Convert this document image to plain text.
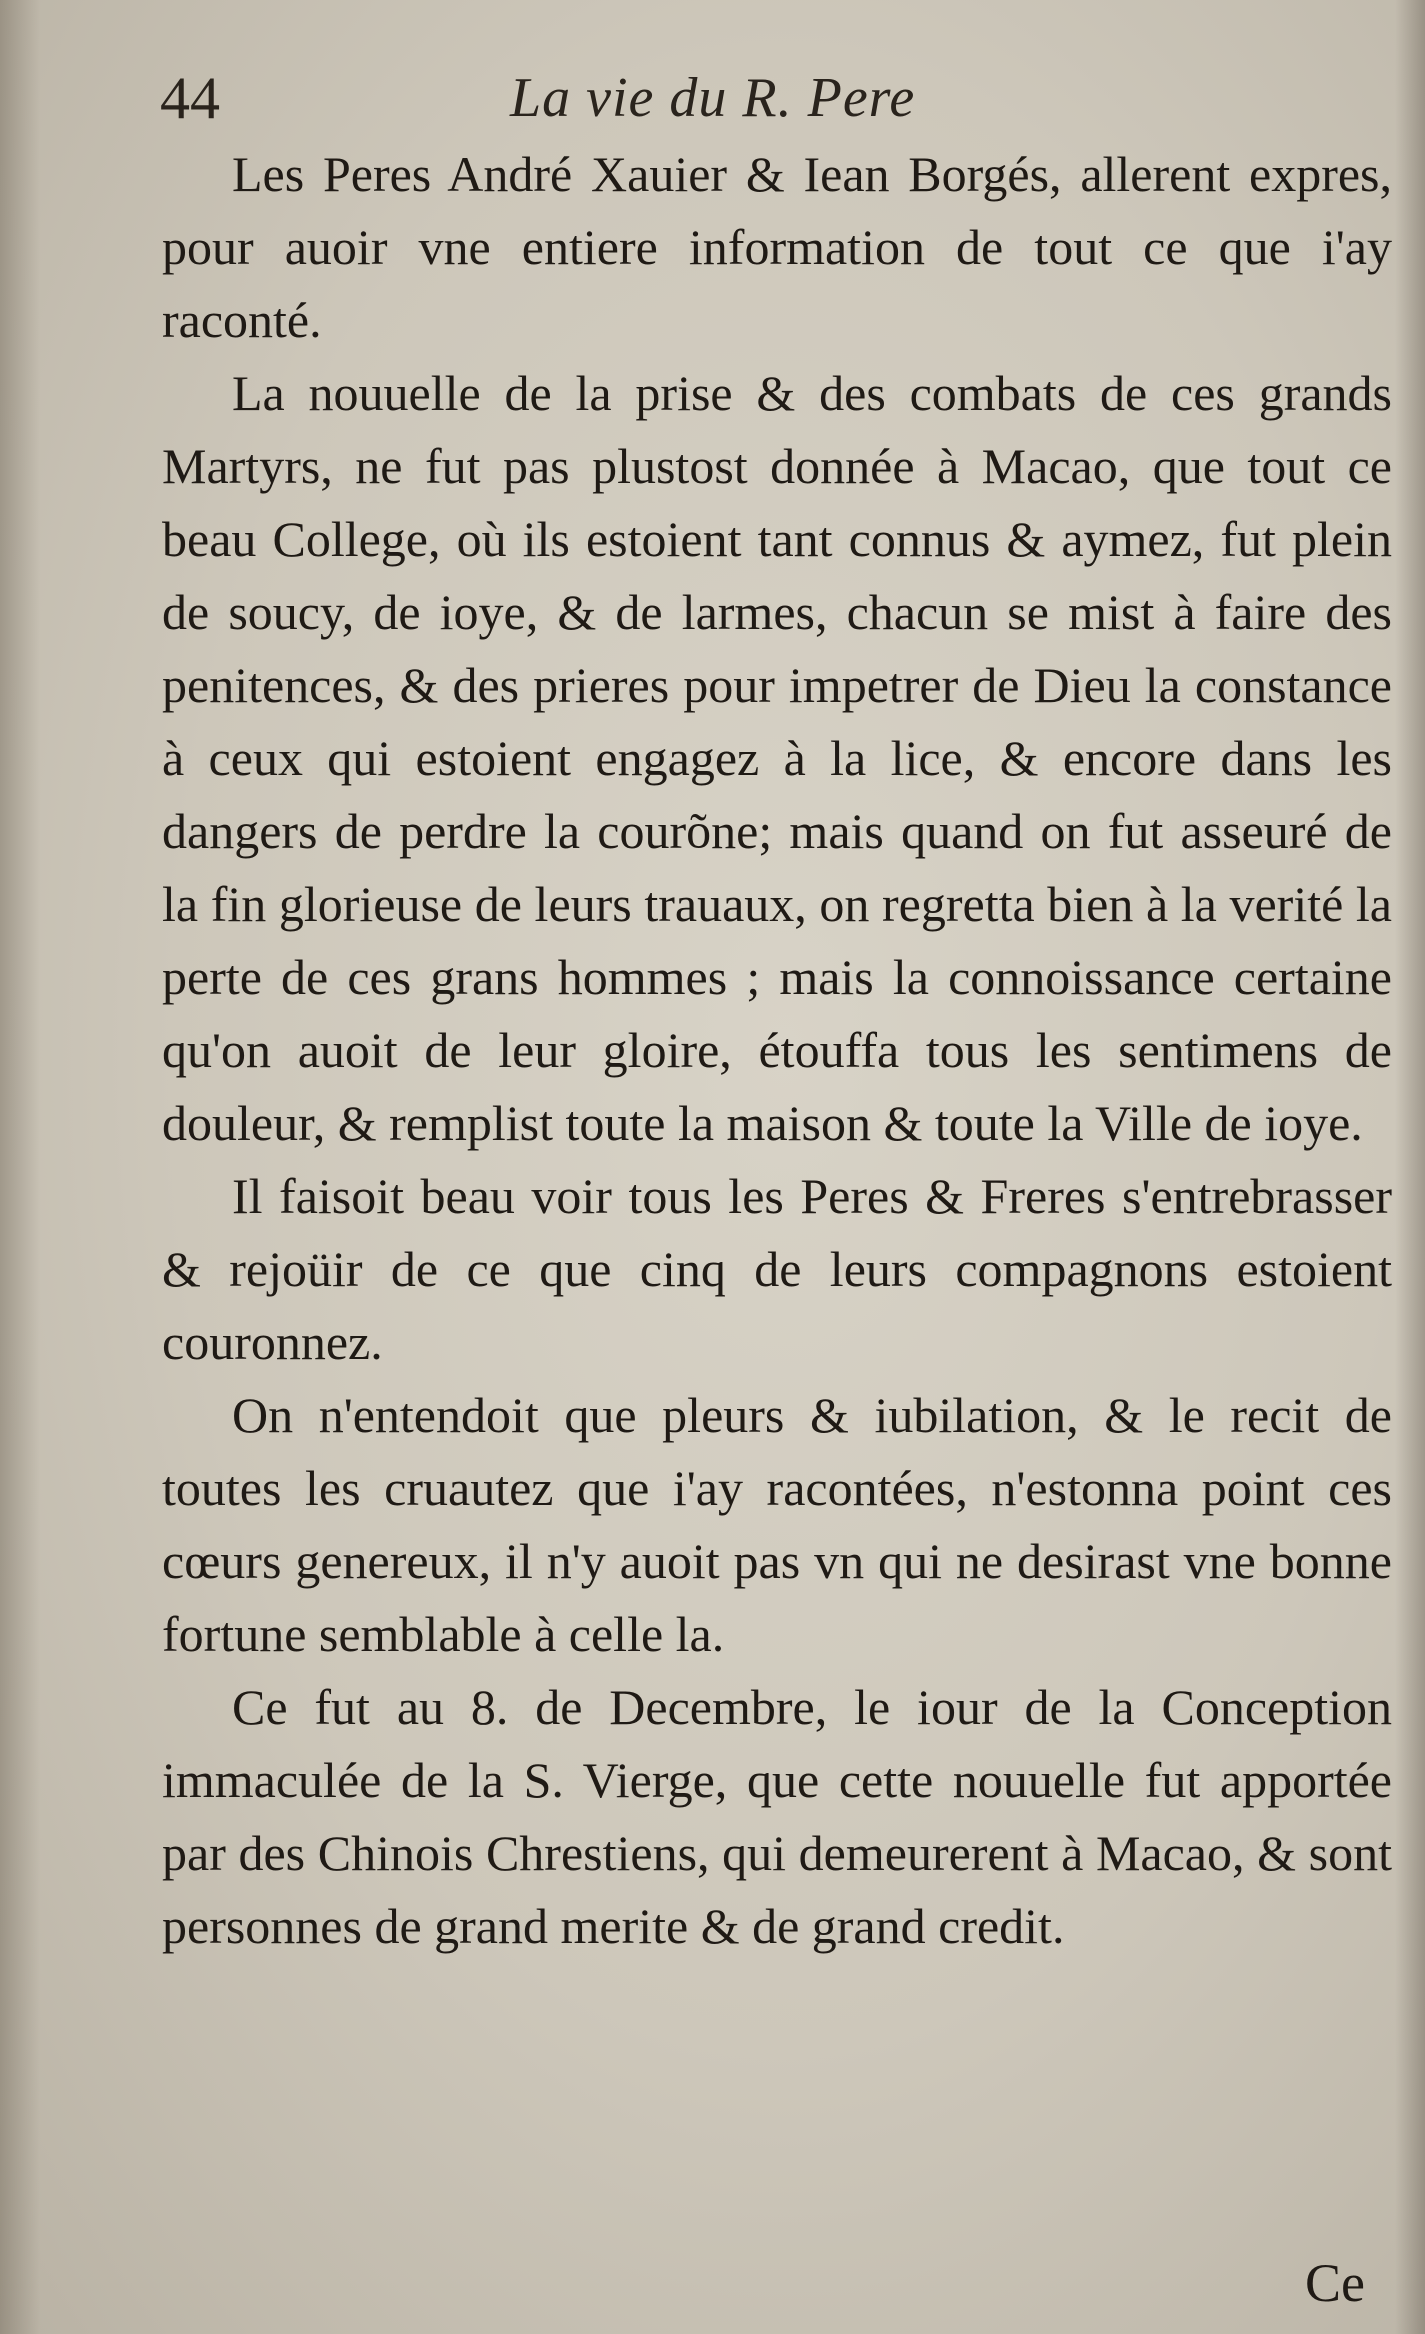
44	La vie du R. Pere

Les Peres André Xauier & Iean Borgés, allerent expres, pour auoir vne entiere information de tout ce que i'ay raconté.

La nouuelle de la prise & des combats de ces grands Martyrs, ne fut pas plustost donnée à Macao, que tout ce beau College, où ils estoient tant connus & aymez, fut plein de soucy, de ioye, & de larmes, chacun se mist à faire des penitences, & des prieres pour impetrer de Dieu la constance à ceux qui estoient engagez à la lice, & encore dans les dangers de perdre la courõne; mais quand on fut asseuré de la fin glorieuse de leurs trauaux, on regretta bien à la verité la perte de ces grans hommes ; mais la connoissance certaine qu'on auoit de leur gloire, étouffa tous les sentimens de douleur, & remplist toute la maison & toute la Ville de ioye.

Il faisoit beau voir tous les Peres & Freres s'entrebrasser & rejoüir de ce que cinq de leurs compagnons estoient couronnez.

On n'entendoit que pleurs & iubilation, & le recit de toutes les cruautez que i'ay racontées, n'estonna point ces cœurs genereux, il n'y auoit pas vn qui ne desirast vne bonne fortune semblable à celle la.

Ce fut au 8. de Decembre, le iour de la Conception immaculée de la S. Vierge, que cette nouuelle fut apportée par des Chinois Chrestiens, qui demeurerent à Macao, & sont personnes de grand merite & de grand credit.

Ce
